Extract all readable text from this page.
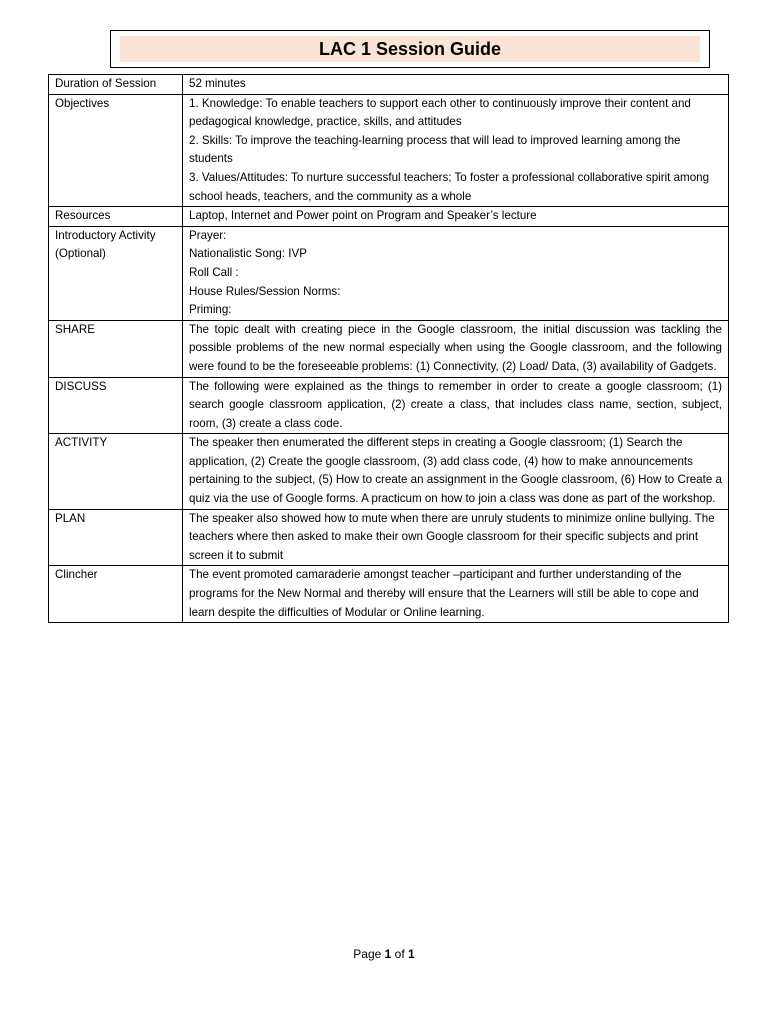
LAC 1 Session Guide
Duration of Session	52 minutes
Objectives	1. Knowledge: To enable teachers to support each other to continuously improve their content and pedagogical knowledge, practice, skills, and attitudes
2. Skills: To improve the teaching-learning process that will lead to improved learning among the students
3. Values/Attitudes: To nurture successful teachers; To foster a professional collaborative spirit among school heads, teachers, and the community as a whole

Resources	Laptop, Internet and Power point on Program and Speaker’s lecture

Introductory Activity
(Optional)	Prayer:
Nationalistic Song: IVP
Roll Call :
House Rules/Session Norms:
Priming:

SHARE	The topic dealt with creating piece in the Google classroom, the initial discussion was tackling the possible problems of the new normal especially when using the Google classroom, and the following were found to be the foreseeable problems: (1) Connectivity, (2) Load/ Data, (3) availability of Gadgets.
DISCUSS	The following were explained as the things to remember in order to create a google classroom; (1) search google classroom application, (2) create a class, that includes class name, section, subject, room, (3) create a class code.
ACTIVITY	The speaker then enumerated the different steps in creating a Google classroom; (1) Search the application, (2) Create the google classroom, (3) add class code, (4) how to make announcements pertaining to the subject, (5) How to create an assignment in the Google classroom, (6) How to Create a quiz via the use of Google forms. A practicum on how to join a class was done as part of the workshop.
PLAN	The speaker also showed how to mute when there are unruly students to minimize online bullying. The teachers where then asked to make their own Google classroom for their specific subjects and print screen it to submit
Clincher	The event promoted camaraderie amongst teacher –participant and further understanding of the programs for the New Normal and thereby will ensure that the Learners will still be able to cope and learn despite the difficulties of Modular or Online learning.
Page 1 of 1
